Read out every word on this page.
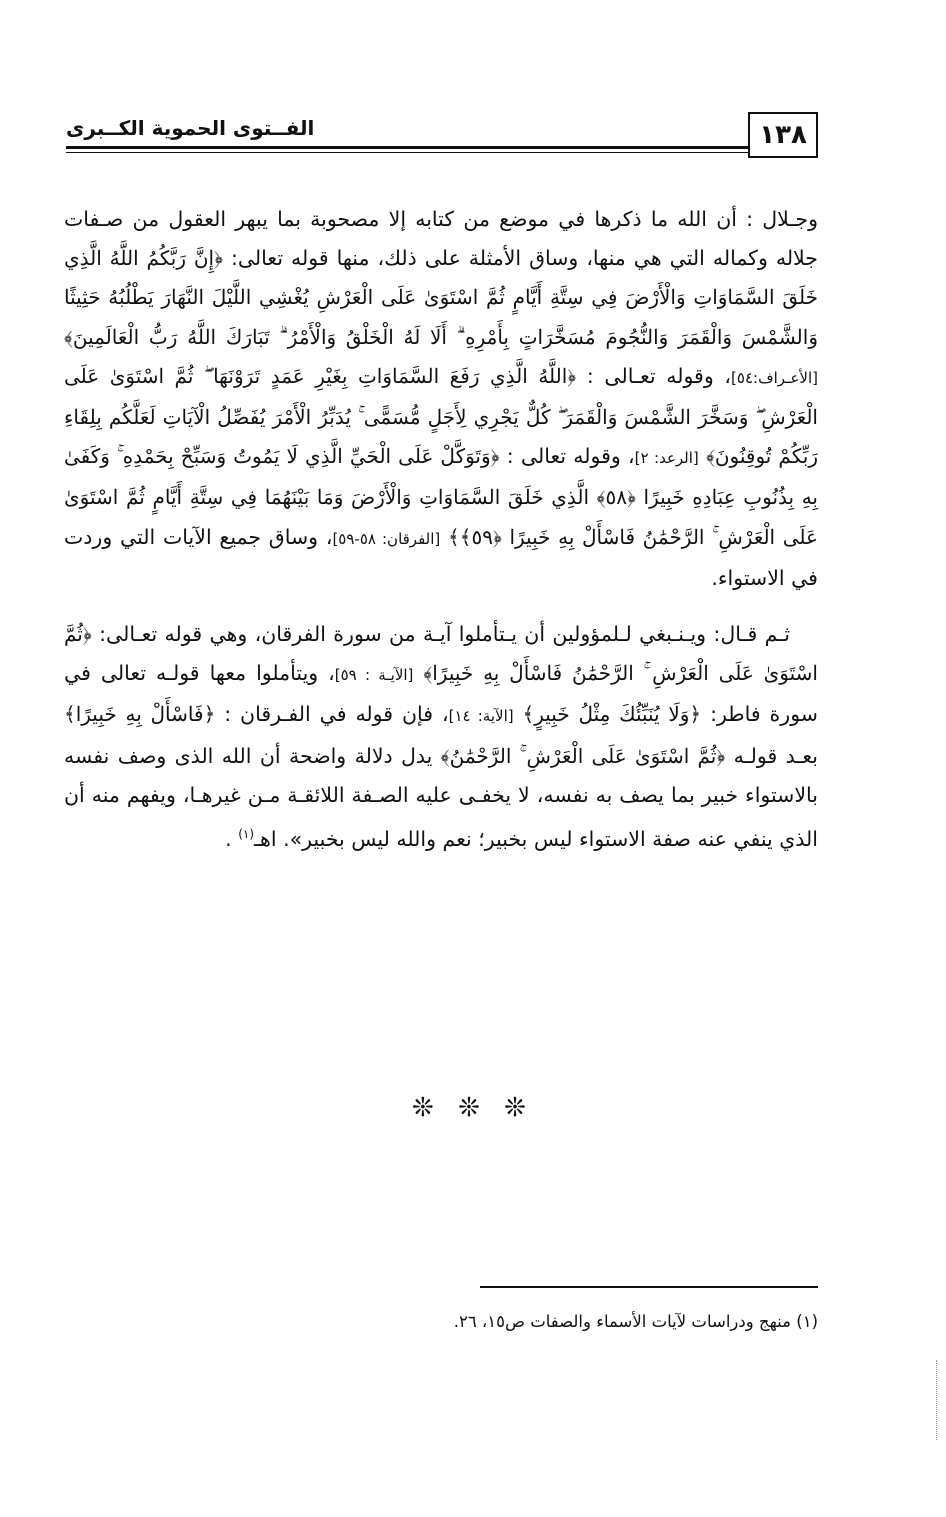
١٣٨
الفــتوى الحموية الكــبرى

وجـلال : أن الله ما ذكرها في موضع من كتابه إلا مصحوبة بما يبهر العقول من صـفات جلاله وكماله التي هي منها، وساق الأمثلة على ذلك، منها قوله تعالى: ﴿إِنَّ رَبَّكُمُ اللَّهُ الَّذِي خَلَقَ السَّمَاوَاتِ وَالْأَرْضَ فِي سِتَّةِ أَيَّامٍ ثُمَّ اسْتَوَىٰ عَلَى الْعَرْشِ يُغْشِي اللَّيْلَ النَّهَارَ يَطْلُبُهُ حَثِيثًا وَالشَّمْسَ وَالْقَمَرَ وَالنُّجُومَ مُسَخَّرَاتٍ بِأَمْرِهِ ۗ أَلَا لَهُ الْخَلْقُ وَالْأَمْرُ ۗ تَبَارَكَ اللَّهُ رَبُّ الْعَالَمِينَ﴾ [الأعـراف:٥٤]، وقوله تعـالى : ﴿اللَّهُ الَّذِي رَفَعَ السَّمَاوَاتِ بِغَيْرِ عَمَدٍ تَرَوْنَهَا ۖ ثُمَّ اسْتَوَىٰ عَلَى الْعَرْشِ ۖ وَسَخَّرَ الشَّمْسَ وَالْقَمَرَ ۖ كُلٌّ يَجْرِي لِأَجَلٍ مُّسَمًّى ۚ يُدَبِّرُ الْأَمْرَ يُفَصِّلُ الْآيَاتِ لَعَلَّكُم بِلِقَاءِ رَبِّكُمْ تُوقِنُونَ﴾ [الرعد: ٢]، وقوله تعالى : ﴿وَتَوَكَّلْ عَلَى الْحَيِّ الَّذِي لَا يَمُوتُ وَسَبِّحْ بِحَمْدِهِ ۚ وَكَفَىٰ بِهِ بِذُنُوبِ عِبَادِهِ خَبِيرًا ﴿٥٨﴾ الَّذِي خَلَقَ السَّمَاوَاتِ وَالْأَرْضَ وَمَا بَيْنَهُمَا فِي سِتَّةِ أَيَّامٍ ثُمَّ اسْتَوَىٰ عَلَى الْعَرْشِ ۚ الرَّحْمَٰنُ فَاسْأَلْ بِهِ خَبِيرًا ﴿٥٩﴾﴾ [الفرقان: ٥٨-٥٩]، وساق جميع الآيات التي وردت في الاستواء.

ثـم قـال: ويـنـبغي لـلمؤولين أن يـتأملوا آيـة من سورة الفرقان، وهي قوله تعـالى: ﴿ثُمَّ اسْتَوَىٰ عَلَى الْعَرْشِ ۚ الرَّحْمَٰنُ فَاسْأَلْ بِهِ خَبِيرًا﴾ [الآيـة : ٥٩]، ويتأملوا معها قولـه تعالى في سورة فاطر: ﴿وَلَا يُنَبِّئُكَ مِثْلُ خَبِيرٍ﴾ [الآية: ١٤]، فإن قوله في الفـرقان : ﴿فَاسْأَلْ بِهِ خَبِيرًا﴾ بعـد قولـه ﴿ثُمَّ اسْتَوَىٰ عَلَى الْعَرْشِ ۚ الرَّحْمَٰنُ﴾ يدل دلالة واضحة أن الله الذى وصف نفسه بالاستواء خبير بما يصف به نفسه، لا يخفـى عليه الصـفة اللائقـة مـن غيرهـا، ويفهم منه أن الذي ينفي عنه صفة الاستواء ليس بخبير؛ نعم والله ليس بخبير». اهـ$^{(١)}$ .

❊ ❊ ❊
(١) منهج ودراسات لآيات الأسماء والصفات ص١٥، ٢٦.
